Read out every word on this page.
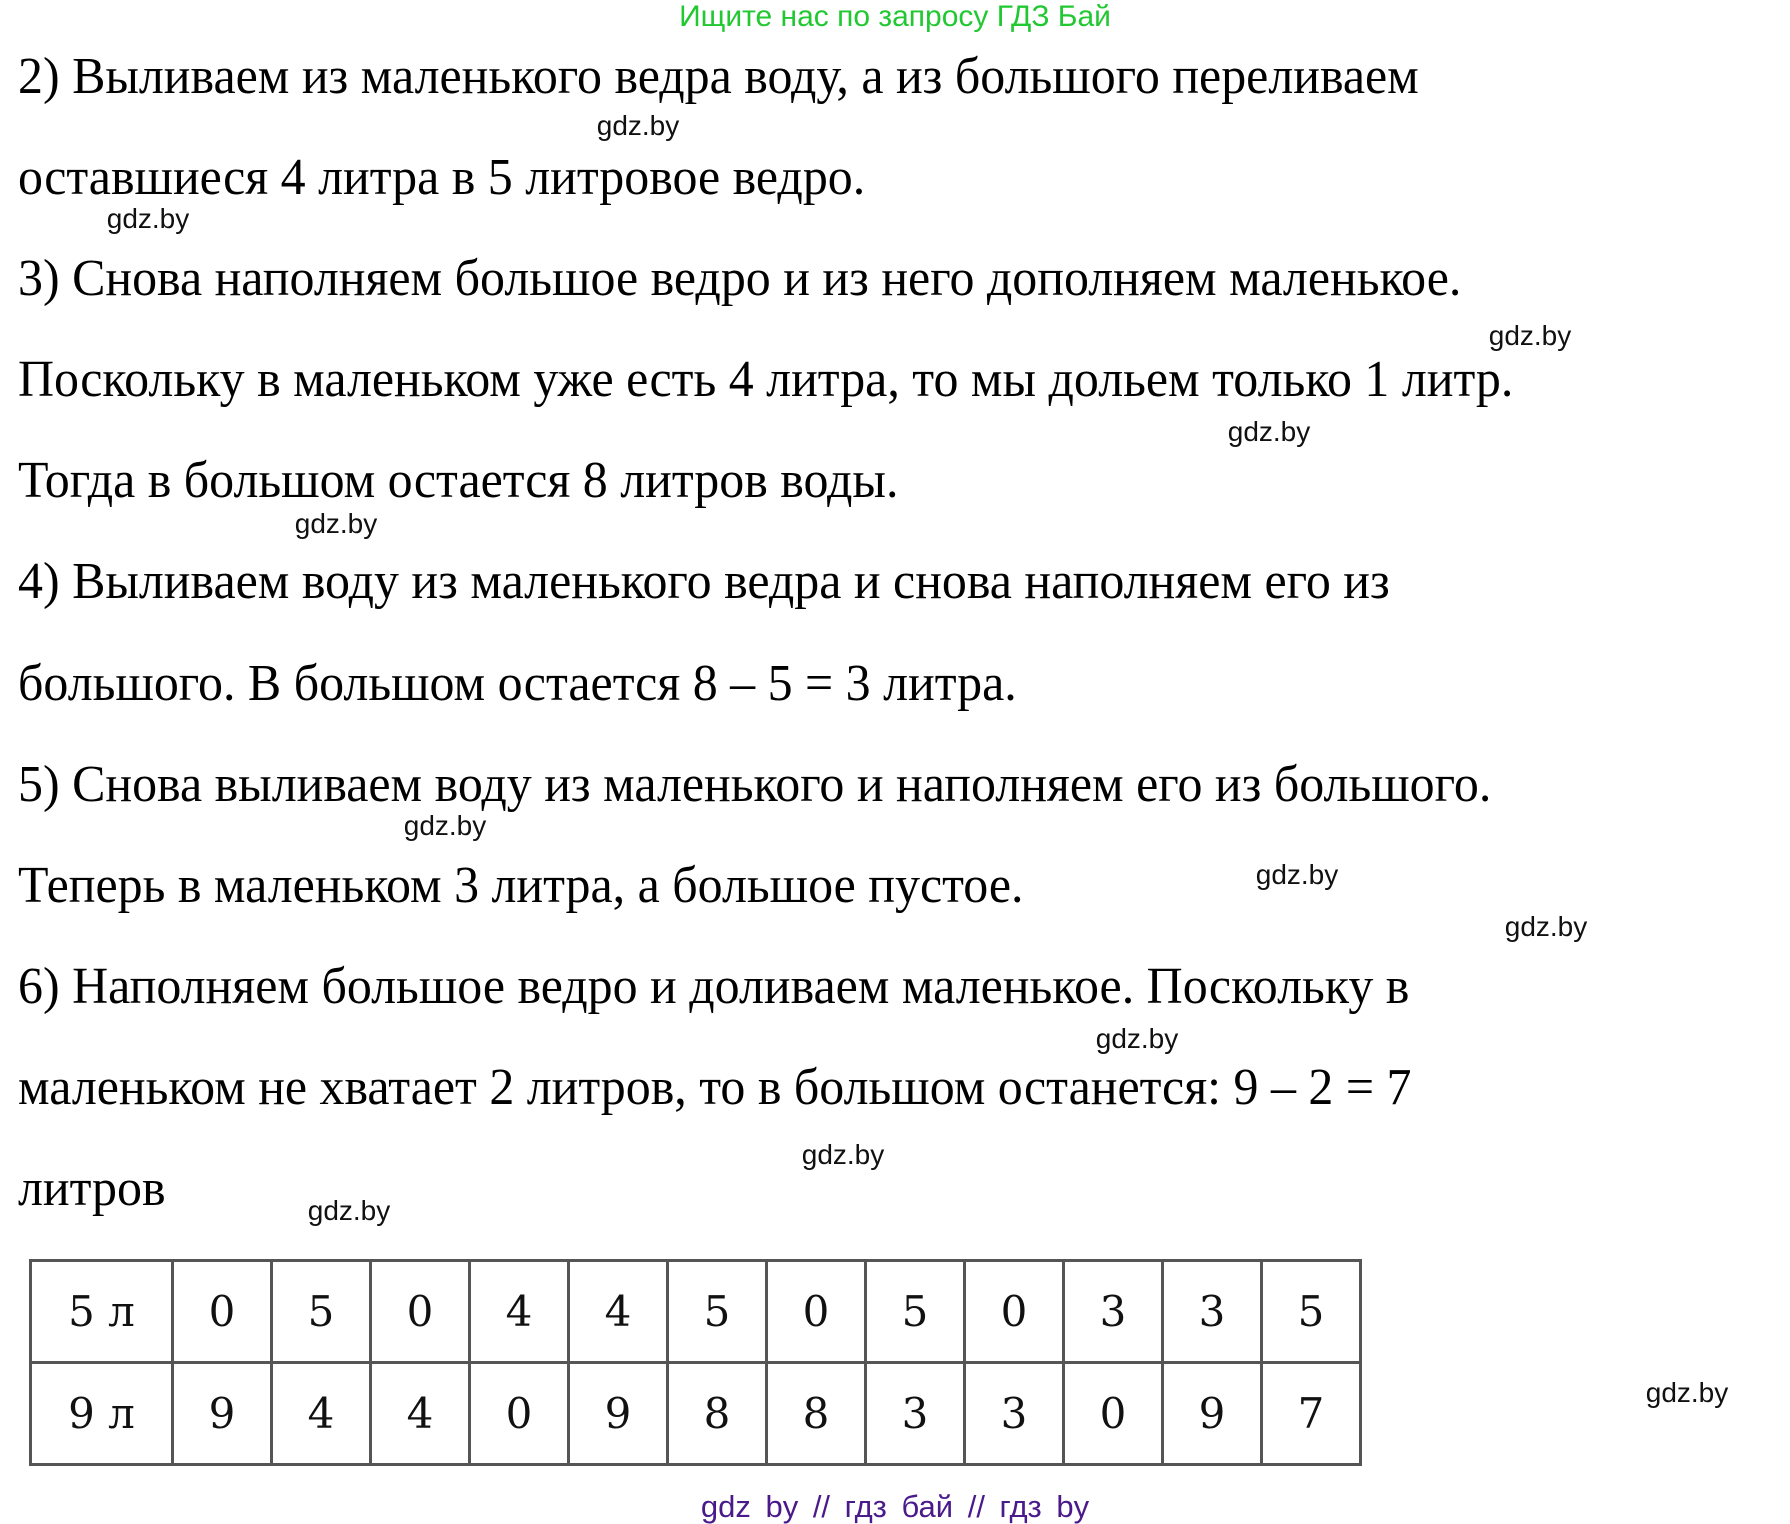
Ищите нас по запросу ГДЗ Бай
2) Выливаем из маленького ведра воду, а из большого переливаем
оставшиеся 4 литра в 5 литровое ведро.
3) Снова наполняем большое ведро и из него дополняем маленькое.
Поскольку в маленьком уже есть 4 литра, то мы дольем только 1 литр.
Тогда в большом остается 8 литров воды.
4) Выливаем воду из маленького ведра и снова наполняем его из
большого. В большом остается 8 – 5 = 3 литра.
5) Снова выливаем воду из маленького и наполняем его из большого.
Теперь в маленьком 3 литра, а большое пустое.
6) Наполняем большое ведро и доливаем маленькое. Поскольку в
маленьком не хватает 2 литров, то в большом останется: 9 – 2 = 7
литров
gdz.by
gdz.by
gdz.by
gdz.by
gdz.by
gdz.by
gdz.by
gdz.by
gdz.by
gdz.by
gdz.by
gdz.by
5 л	0	5	0	4	4	5	0	5	0	3	3	5
9 л	9	4	4	0	9	8	8	3	3	0	9	7
gdz by // гдз бай // гдз by
